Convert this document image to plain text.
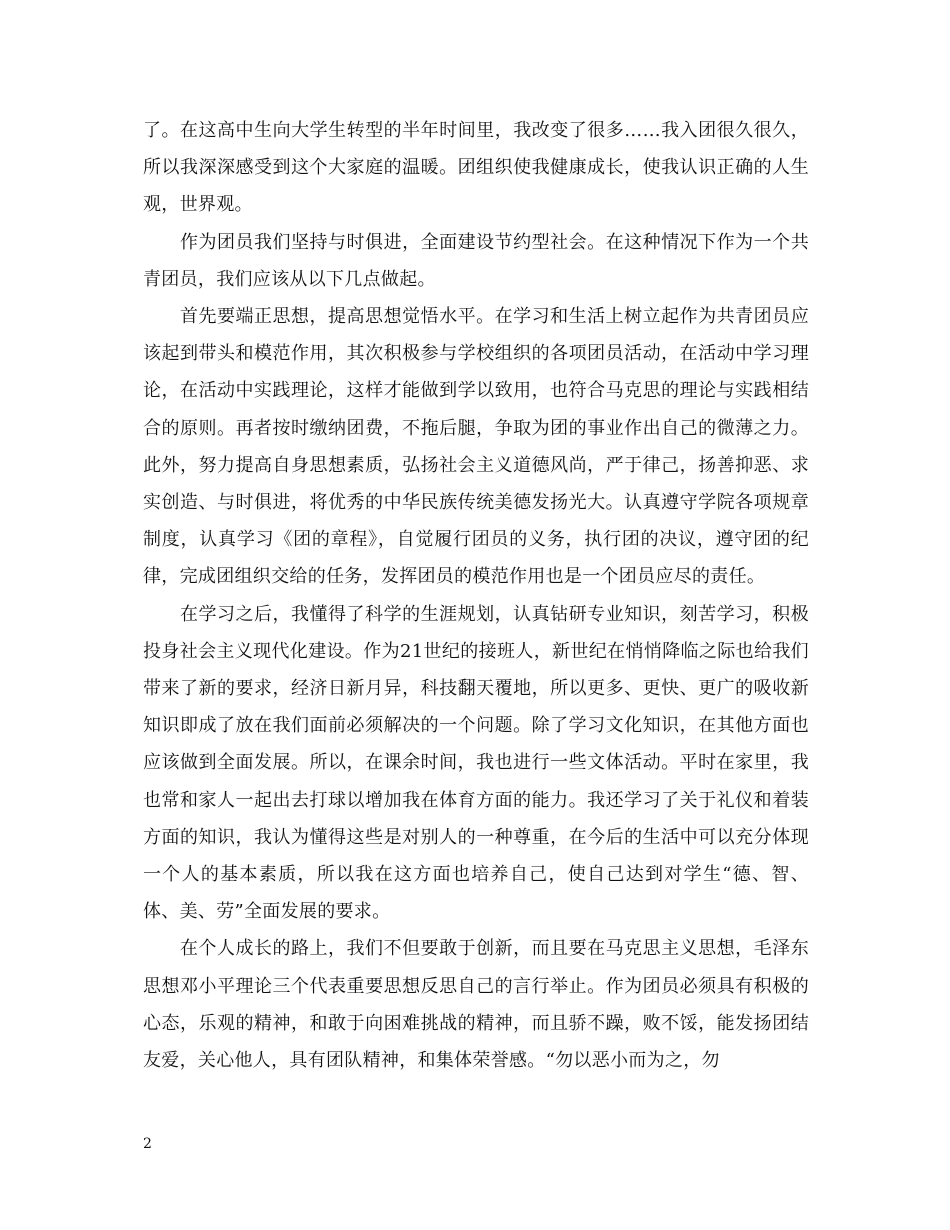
了。在这高中生向大学生转型的半年时间里，我改变了很多……我入团很久很久，所以我深深感受到这个大家庭的温暖。团组织使我健康成长，使我认识正确的人生观，世界观。

作为团员我们坚持与时俱进，全面建设节约型社会。在这种情况下作为一个共青团员，我们应该从以下几点做起。

首先要端正思想，提高思想觉悟水平。在学习和生活上树立起作为共青团员应该起到带头和模范作用，其次积极参与学校组织的各项团员活动，在活动中学习理论，在活动中实践理论，这样才能做到学以致用，也符合马克思的理论与实践相结合的原则。再者按时缴纳团费，不拖后腿，争取为团的事业作出自己的微薄之力。此外，努力提高自身思想素质，弘扬社会主义道德风尚，严于律己，扬善抑恶、求实创造、与时俱进，将优秀的中华民族传统美德发扬光大。认真遵守学院各项规章制度，认真学习《团的章程》，自觉履行团员的义务，执行团的决议，遵守团的纪律，完成团组织交给的任务，发挥团员的模范作用也是一个团员应尽的责任。

在学习之后，我懂得了科学的生涯规划，认真钻研专业知识，刻苦学习，积极投身社会主义现代化建设。作为21世纪的接班人，新世纪在悄悄降临之际也给我们带来了新的要求，经济日新月异，科技翻天覆地，所以更多、更快、更广的吸收新知识即成了放在我们面前必须解决的一个问题。除了学习文化知识，在其他方面也应该做到全面发展。所以，在课余时间，我也进行一些文体活动。平时在家里，我也常和家人一起出去打球以增加我在体育方面的能力。我还学习了关于礼仪和着装方面的知识，我认为懂得这些是对别人的一种尊重，在今后的生活中可以充分体现一个人的基本素质，所以我在这方面也培养自己，使自己达到对学生“德、智、体、美、劳”全面发展的要求。

在个人成长的路上，我们不但要敢于创新，而且要在马克思主义思想，毛泽东思想邓小平理论三个代表重要思想反思自己的言行举止。作为团员必须具有积极的心态，乐观的精神，和敢于向困难挑战的精神，而且骄不躁，败不馁，能发扬团结友爱，关心他人，具有团队精神，和集体荣誉感。“勿以恶小而为之，勿

2
